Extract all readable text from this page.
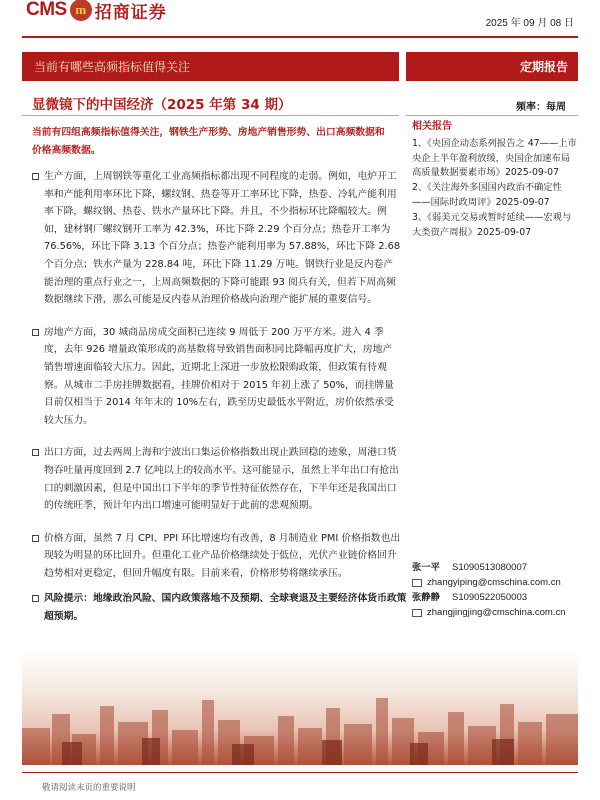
CMS m 招商证券
2025 年 09 月 08 日
当前有哪些高频指标值得关注	定期报告
显微镜下的中国经济（2025 年第 34 期）	频率：每周
当前有四组高频指标值得关注，钢铁生产形势、房地产销售形势、出口高频数据和价格高频数据。
生产方面，上周钢铁等重化工业高频指标都出现不同程度的走弱。例如，电炉开工率和产能利用率环比下降，螺纹钢、热卷等开工率环比下降，热卷、冷轧产能利用率下降，螺纹钢、热卷、铁水产量环比下降。并且，不少指标环比降幅较大。例如，建材钢厂螺纹钢开工率为 42.3%，环比下降 2.29 个百分点；热卷开工率为 76.56%，环比下降 3.13 个百分点；热卷产能利用率为 57.88%，环比下降 2.68 个百分点；铁水产量为 228.84 吨，环比下降 11.29 万吨。钢铁行业是反内卷产能治理的重点行业之一，上周高频数据的下降可能跟 93 阅兵有关，但若下周高频数据继续下滑，那么可能是反内卷从治理价格战向治理产能扩展的重要信号。
房地产方面，30 城商品房成交面积已连续 9 周低于 200 万平方米。进入 4 季度，去年 926 增量政策形成的高基数将导致销售面积同比降幅再度扩大，房地产销售增速面临较大压力。因此，近期北上深进一步放松限购政策，但政策有待观察。从城市二手房挂牌数据看，挂牌价相对于 2015 年初上涨了 50%，而挂牌量目前仅相当于 2014 年年末的 10%左右，跌至历史最低水平附近，房价依然承受较大压力。
出口方面，过去两周上海和宁波出口集运价格指数出现止跌回稳的迹象，周港口货物吞吐量再度回到 2.7 亿吨以上的较高水平。这可能显示，虽然上半年出口有抢出口的刺激因素，但是中国出口下半年的季节性特征依然存在，下半年还是我国出口的传统旺季，预计年内出口增速可能明显好于此前的悲观预期。
价格方面，虽然 7 月 CPI、PPI 环比增速均有改善，8 月制造业 PMI 价格指数也出现较为明显的环比回升。但重化工业产品价格继续处于低位，光伏产业链价格回升趋势相对更稳定，但回升幅度有限。目前来看，价格形势将继续承压。
风险提示：地缘政治风险、国内政策落地不及预期、全球衰退及主要经济体货币政策超预期。
相关报告
1、《央国企动态系列报告之 47——上市央企上半年盈利放缓，央国企加速布局高质量数据要素市场》2025-09-07
2、《关注海外多国国内政治不确定性——国际时政周评》2025-09-07
3、《弱美元交易或暂时延续——宏观与大类资产周报》2025-09-07
张一平	S1090513080007
zhangyiping@cmschina.com.cn
张静静	S1090522050003
zhangjingjing@cmschina.com.cn
敬请阅读末页的重要说明
